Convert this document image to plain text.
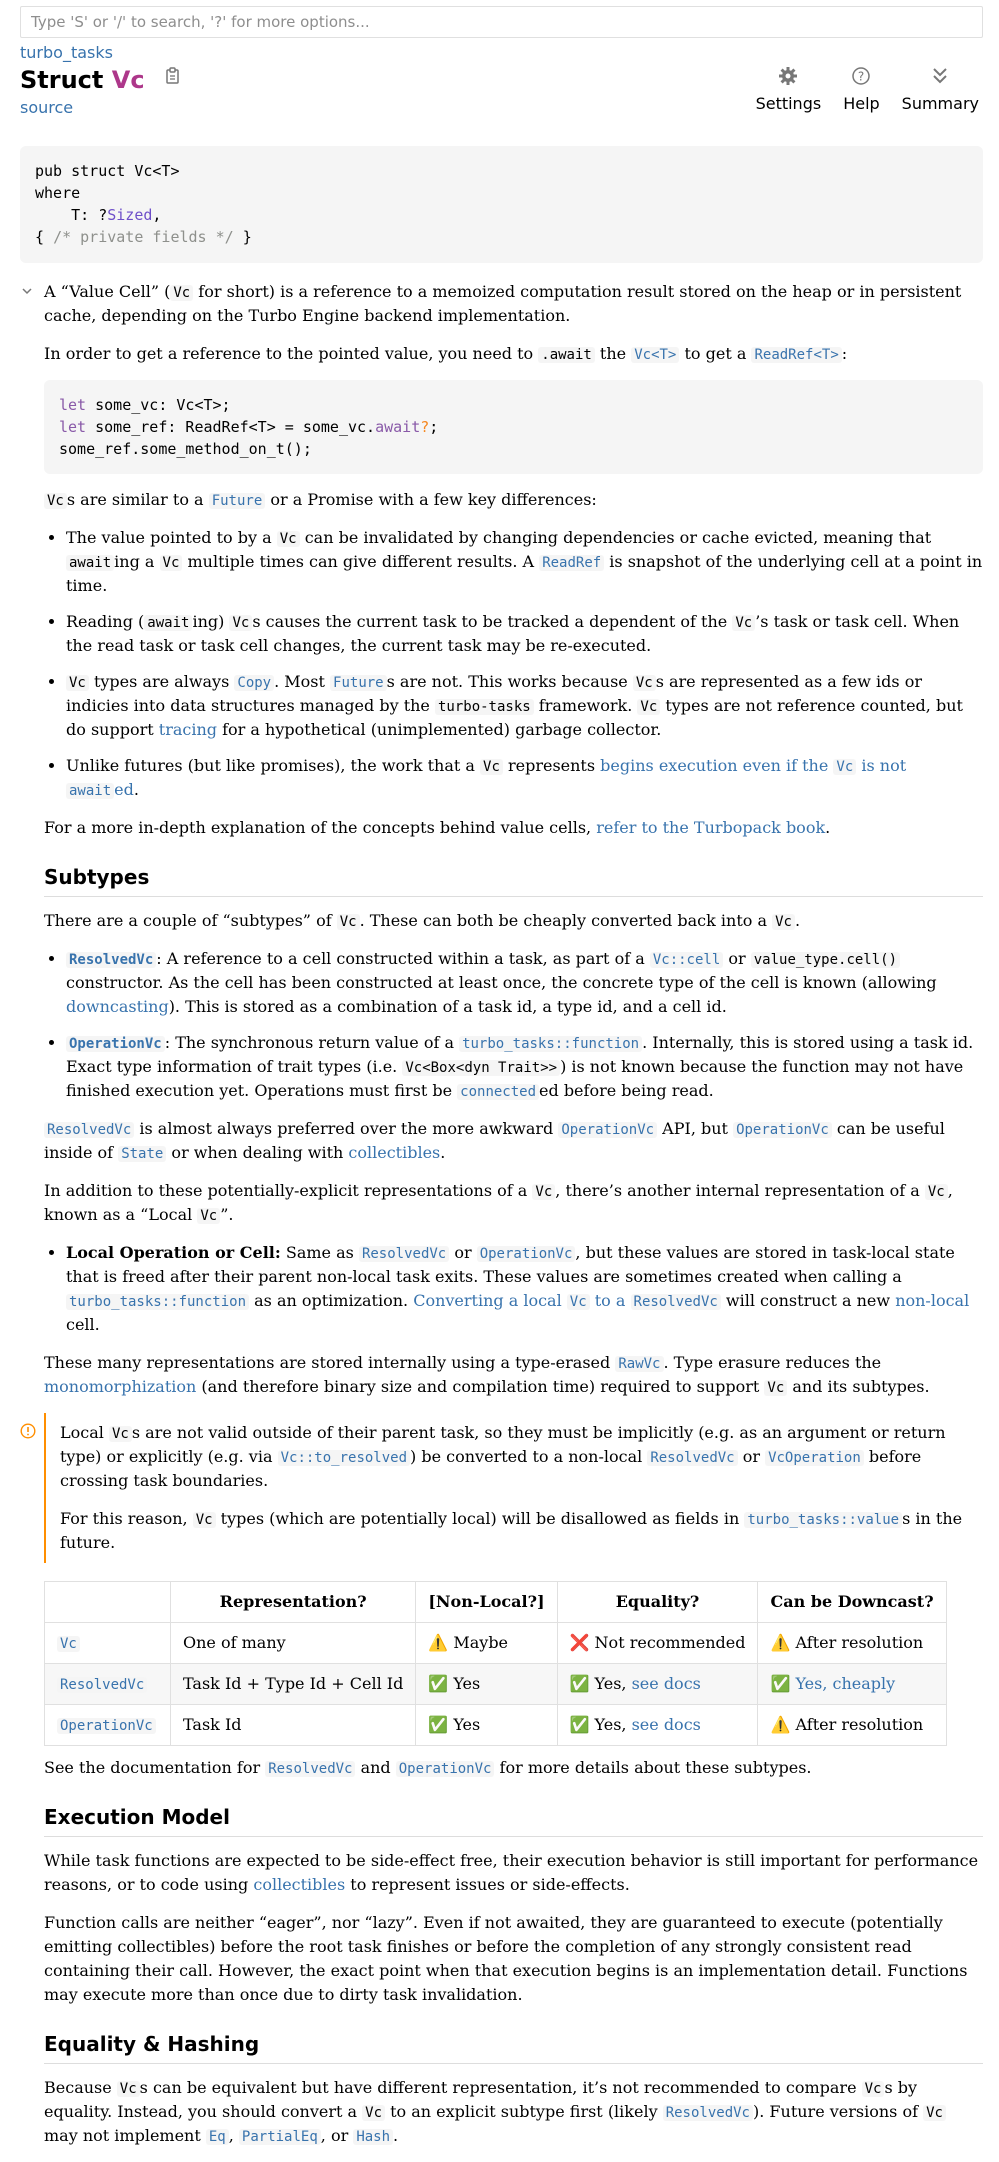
Type 'S' or '/' to search, '?' for more options...
turbo_tasks
Struct Vc
source	Settings
?
Help Summary
pub struct Vc<T>
where
T: ?Sized,
{ /* private fields */ }

A “Value Cell” ( Vc for short) is a reference to a memoized computation result stored on the heap or in persistent cache, depending on the Turbo Engine backend implementation.

In order to get a reference to the pointed value, you need to .await the Vc<T> to get a ReadRef<T> :

let some_vc: Vc<T>;
let some_ref: ReadRef<T> = some_vc.await?;
some_ref.some_method_on_t();

Vc s are similar to a Future or a Promise with a few key differences:

• The value pointed to by a Vc can be invalidated by changing dependencies or cache evicted, meaning that await ing a Vc multiple times can give different results. A ReadRef is snapshot of the underlying cell at a point in time.
• Reading ( await ing) Vc s causes the current task to be tracked a dependent of the Vc ’s task or task cell. When the read task or task cell changes, the current task may be re-executed.
• Vc types are always Copy . Most Future s are not. This works because Vc s are represented as a few ids or indicies into data structures managed by the turbo-tasks framework. Vc types are not reference counted, but do support tracing for a hypothetical (unimplemented) garbage collector.
• Unlike futures (but like promises), the work that a Vc represents begins execution even if the Vc is not await ed.

For a more in-depth explanation of the concepts behind value cells, refer to the Turbopack book.

Subtypes

There are a couple of “subtypes” of Vc . These can both be cheaply converted back into a Vc .

• ResolvedVc : A reference to a cell constructed within a task, as part of a Vc::cell or value_type.cell() constructor. As the cell has been constructed at least once, the concrete type of the cell is known (allowing downcasting). This is stored as a combination of a task id, a type id, and a cell id.
• OperationVc : The synchronous return value of a turbo_tasks::function . Internally, this is stored using a task id. Exact type information of trait types (i.e. Vc<Box<dyn Trait>> ) is not known because the function may not have finished execution yet. Operations must first be connected ed before being read.

ResolvedVc is almost always preferred over the more awkward OperationVc API, but OperationVc can be useful inside of State or when dealing with collectibles.

In addition to these potentially-explicit representations of a Vc , there’s another internal representation of a Vc , known as a “Local Vc ”.

• Local Operation or Cell: Same as ResolvedVc or OperationVc , but these values are stored in task-local state that is freed after their parent non-local task exits. These values are sometimes created when calling a turbo_tasks::function as an optimization. Converting a local Vc to a ResolvedVc will construct a new non-local cell.

These many representations are stored internally using a type-erased RawVc . Type erasure reduces the monomorphization (and therefore binary size and compilation time) required to support Vc and its subtypes.

Local Vc s are not valid outside of their parent task, so they must be implicitly (e.g. as an argument or return type) or explicitly (e.g. via Vc::to_resolved ) be converted to a non-local ResolvedVc or VcOperation before crossing task boundaries.

For this reason, Vc types (which are potentially local) will be disallowed as fields in turbo_tasks::value s in the future.

	Representation?	[Non-Local?]	Equality?	Can be Downcast?
Vc	One of many	⚠️ Maybe	❌ Not recommended	⚠️ After resolution
ResolvedVc	Task Id + Type Id + Cell Id	✅ Yes	✅ Yes, see docs	✅ Yes, cheaply
OperationVc	Task Id	✅ Yes	✅ Yes, see docs	⚠️ After resolution

See the documentation for ResolvedVc and OperationVc for more details about these subtypes.

Execution Model

While task functions are expected to be side-effect free, their execution behavior is still important for performance reasons, or to code using collectibles to represent issues or side-effects.

Function calls are neither “eager”, nor “lazy”. Even if not awaited, they are guaranteed to execute (potentially emitting collectibles) before the root task finishes or before the completion of any strongly consistent read containing their call. However, the exact point when that execution begins is an implementation detail. Functions may execute more than once due to dirty task invalidation.

Equality & Hashing

Because Vc s can be equivalent but have different representation, it’s not recommended to compare Vc s by equality. Instead, you should convert a Vc to an explicit subtype first (likely ResolvedVc ). Future versions of Vc may not implement Eq , PartialEq , or Hash .
